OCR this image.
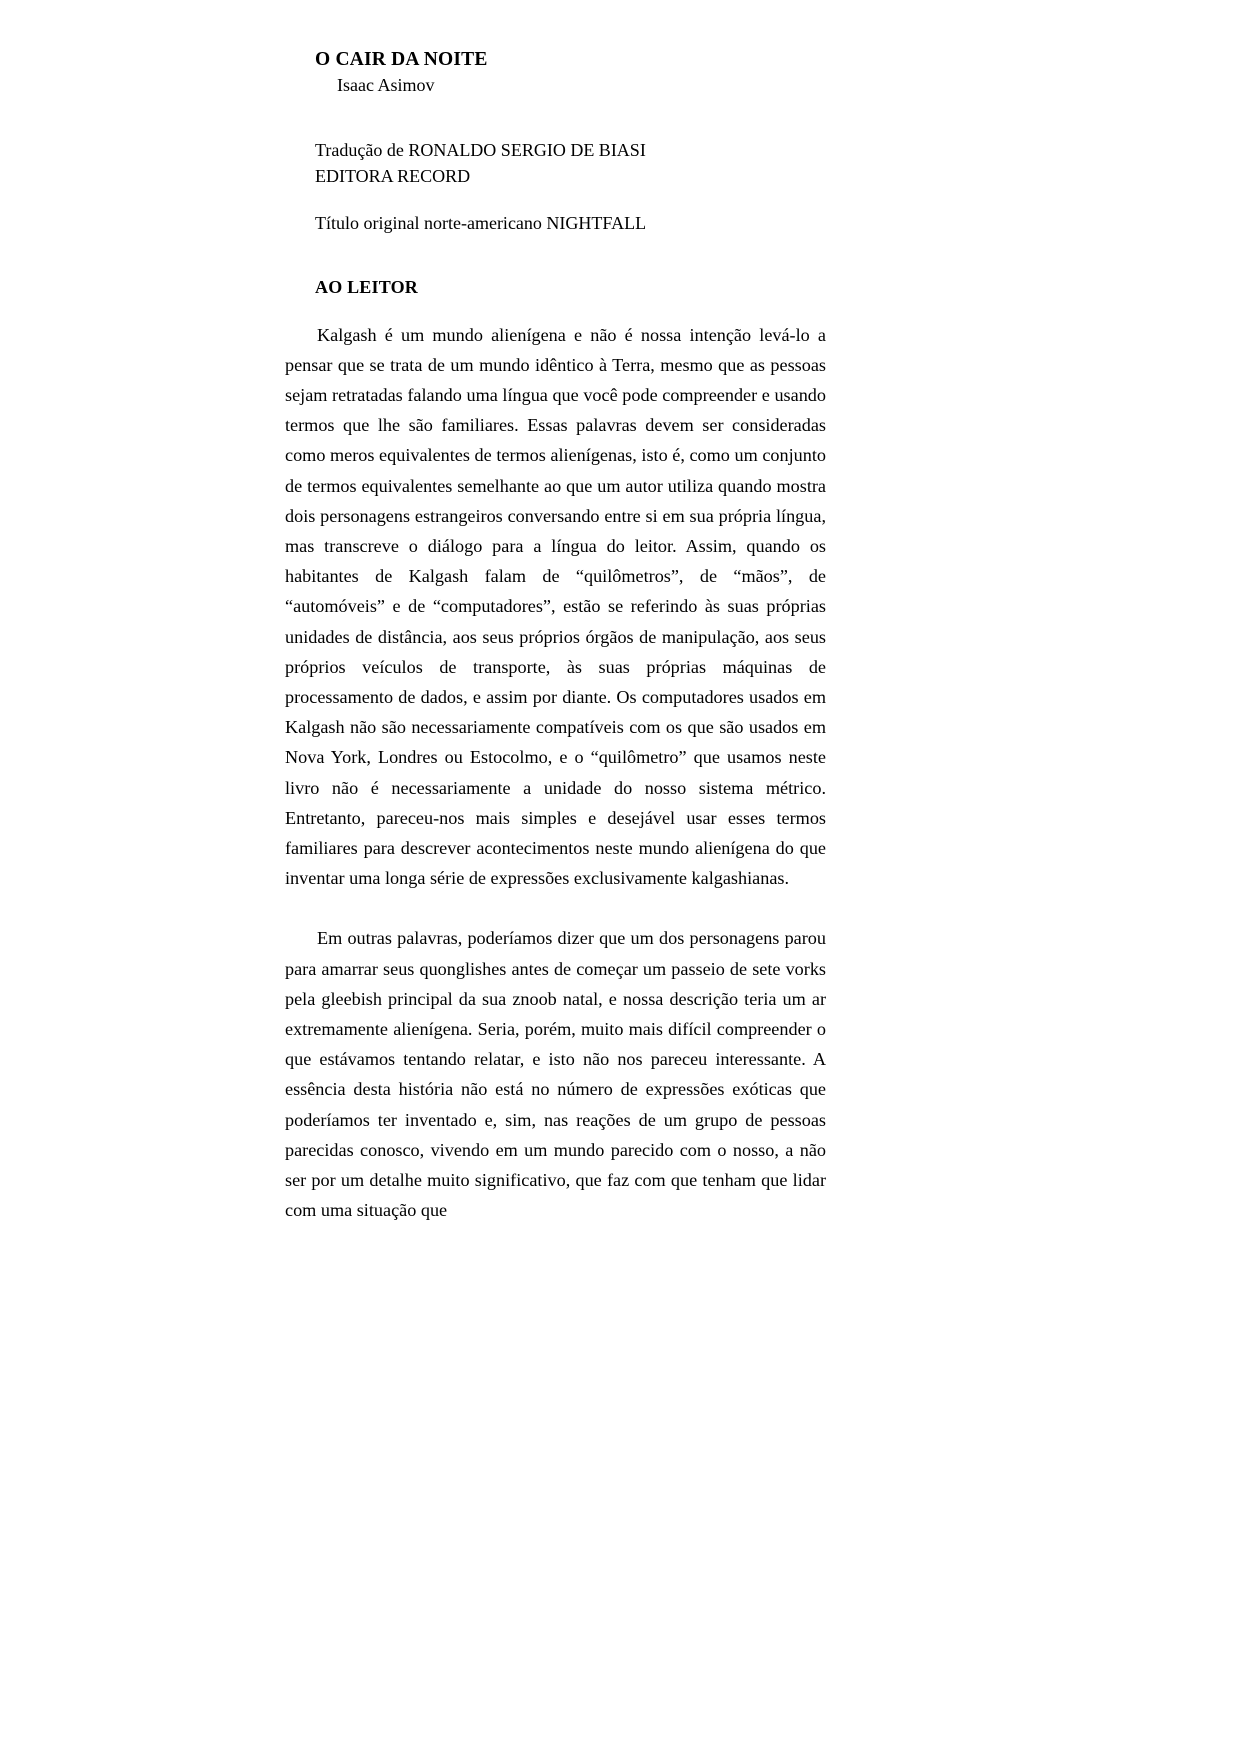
O CAIR DA NOITE
Isaac Asimov
Tradução de RONALDO SERGIO DE BIASI
EDITORA RECORD
Título original norte-americano NIGHTFALL
AO LEITOR

Kalgash é um mundo alienígena e não é nossa intenção levá-lo a pensar que se trata de um mundo idêntico à Terra, mesmo que as pessoas sejam retratadas falando uma língua que você pode compreender e usando termos que lhe são familiares. Essas palavras devem ser consideradas como meros equivalentes de termos alienígenas, isto é, como um conjunto de termos equivalentes semelhante ao que um autor utiliza quando mostra dois personagens estrangeiros conversando entre si em sua própria língua, mas transcreve o diálogo para a língua do leitor. Assim, quando os habitantes de Kalgash falam de “quilômetros”, de “mãos”, de “automóveis” e de “computadores”, estão se referindo às suas próprias unidades de distância, aos seus próprios órgãos de manipulação, aos seus próprios veículos de transporte, às suas próprias máquinas de processamento de dados, e assim por diante. Os computadores usados em Kalgash não são necessariamente compatíveis com os que são usados em Nova York, Londres ou Estocolmo, e o “quilômetro” que usamos neste livro não é necessariamente a unidade do nosso sistema métrico. Entretanto, pareceu-nos mais simples e desejável usar esses termos familiares para descrever acontecimentos neste mundo alienígena do que inventar uma longa série de expressões exclusivamente kalgashianas.

Em outras palavras, poderíamos dizer que um dos personagens parou para amarrar seus quonglishes antes de começar um passeio de sete vorks pela gleebish principal da sua znoob natal, e nossa descrição teria um ar extremamente alienígena. Seria, porém, muito mais difícil compreender o que estávamos tentando relatar, e isto não nos pareceu interessante. A essência desta história não está no número de expressões exóticas que poderíamos ter inventado e, sim, nas reações de um grupo de pessoas parecidas conosco, vivendo em um mundo parecido com o nosso, a não ser por um detalhe muito significativo, que faz com que tenham que lidar com uma situação que
